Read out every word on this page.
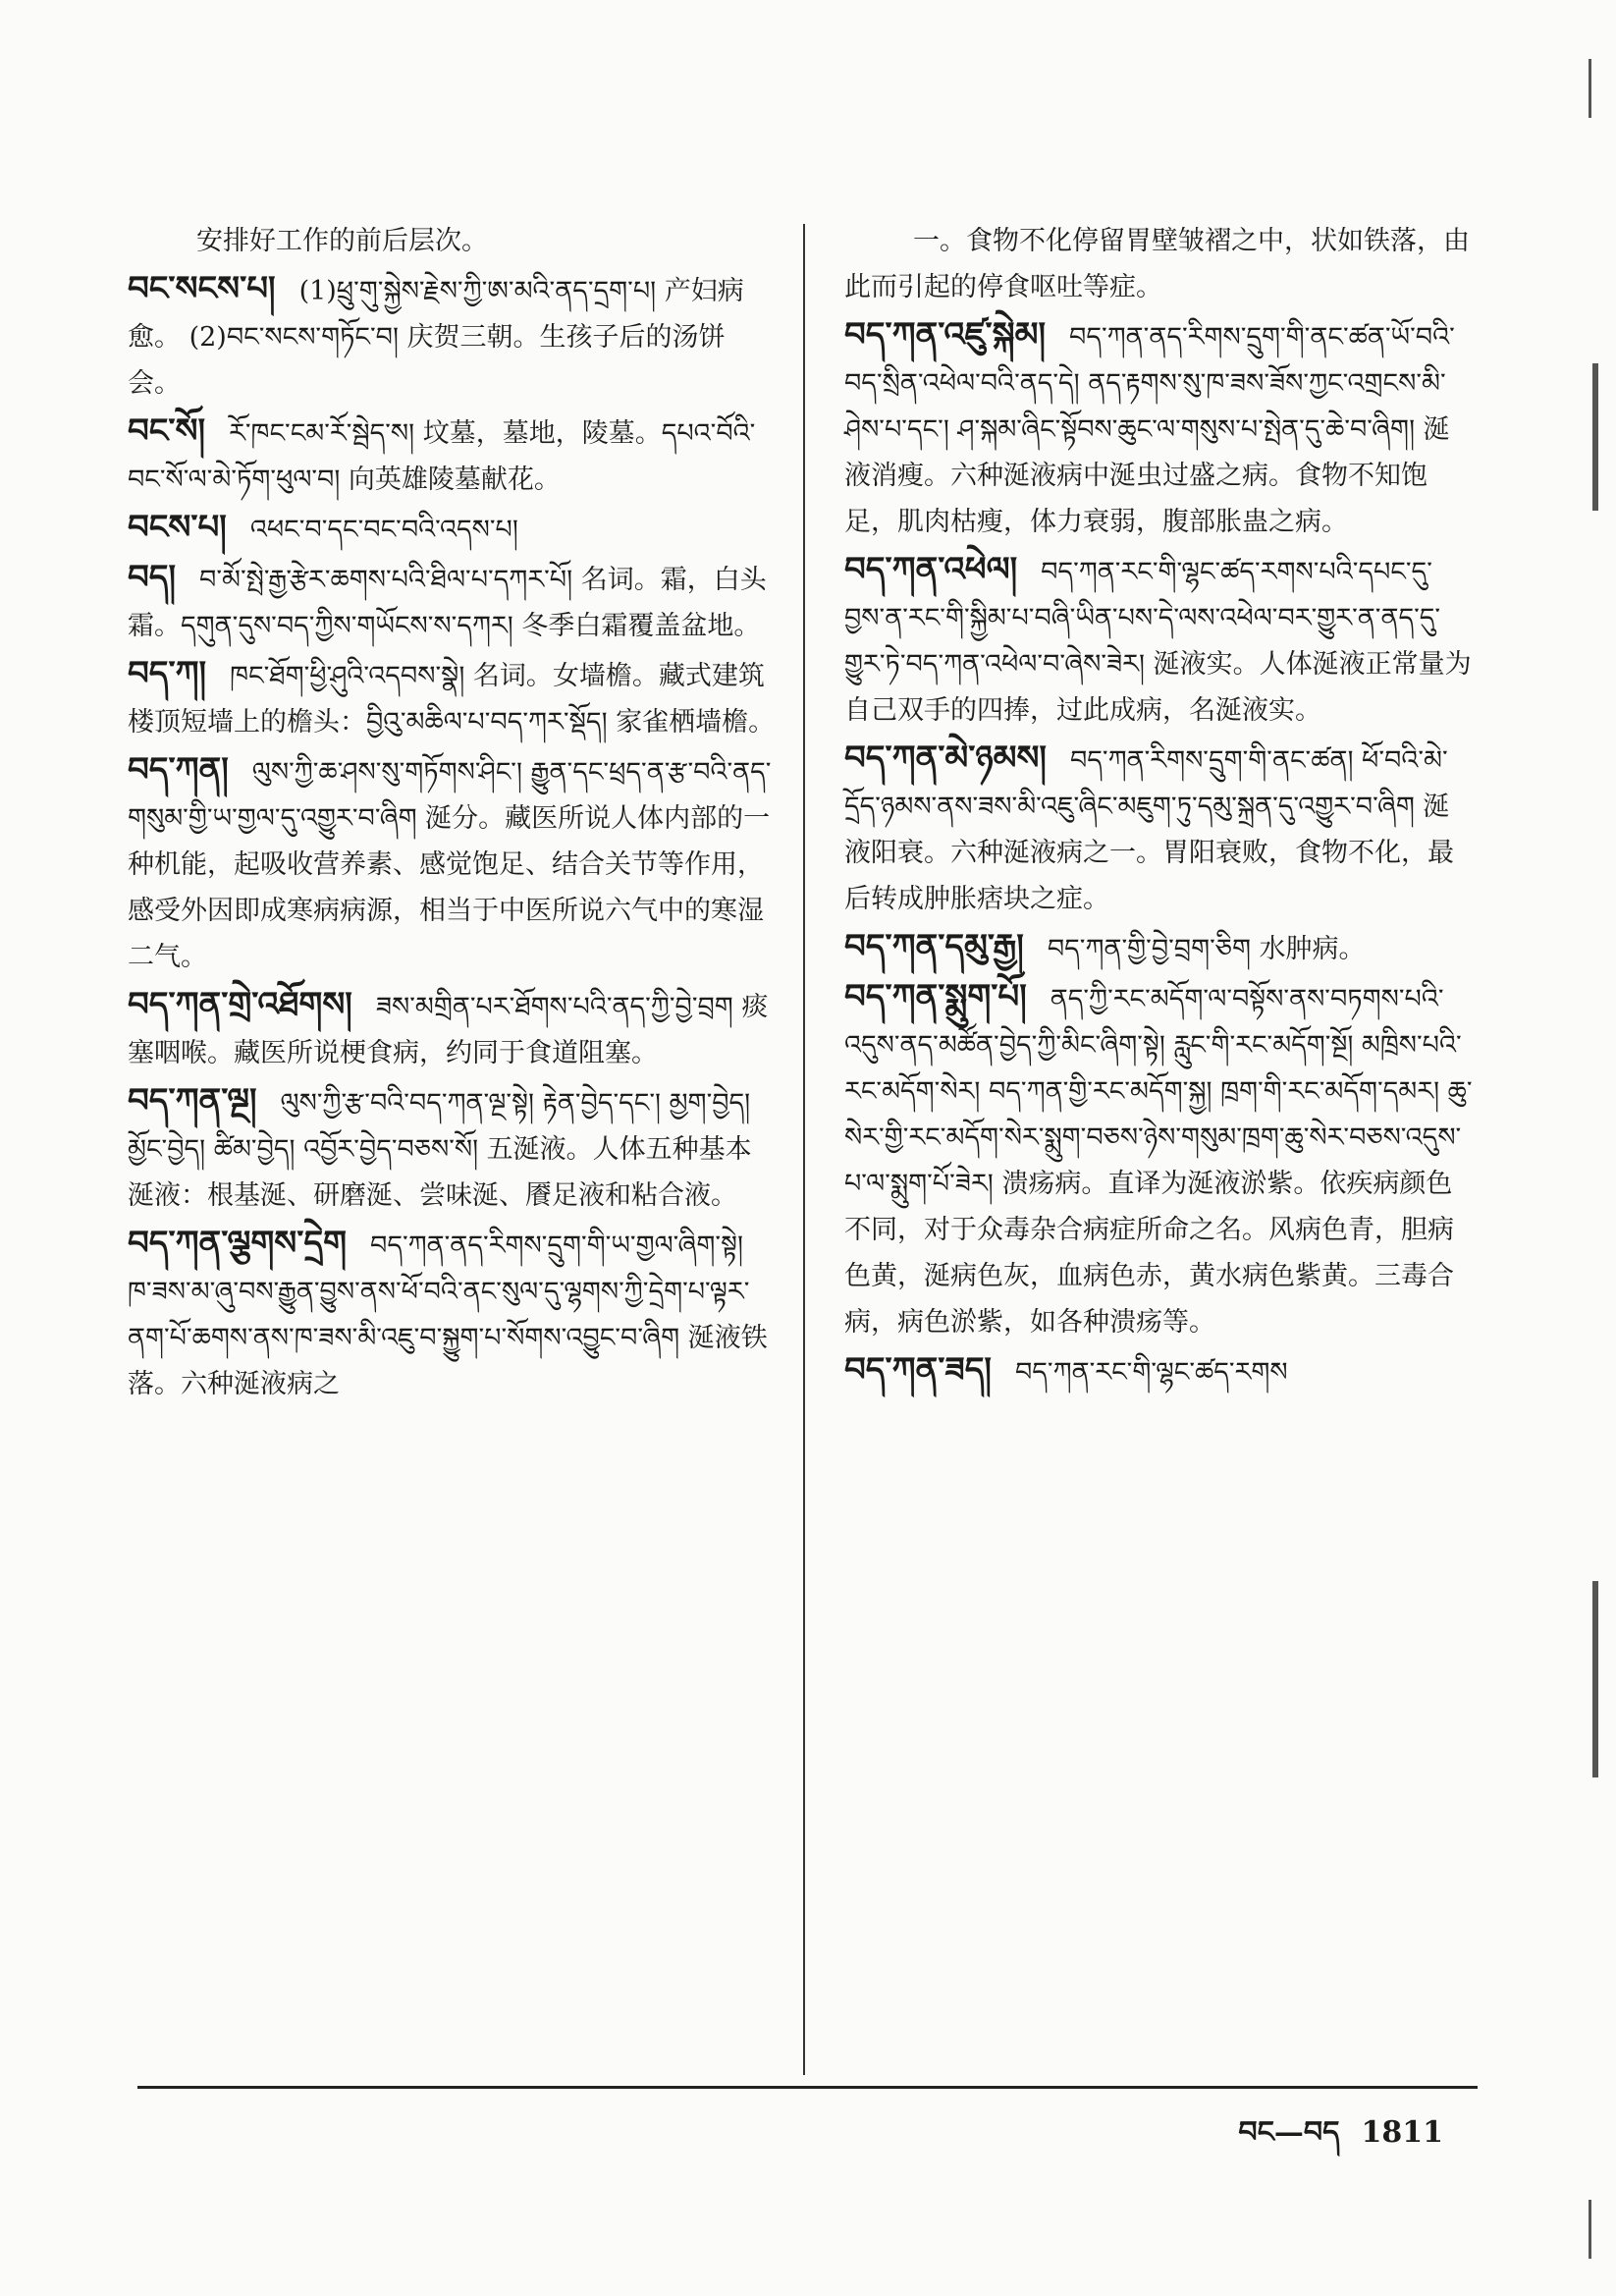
安排好工作的前后层次。

བང་སངས་པ། (1)ཕྲུ་གུ་སྐྱེས་རྗེས་ཀྱི་ཨ་མའི་ནད་དྲག་པ། 产妇病愈。 (2)བང་སངས་གཏོང་བ། 庆贺三朝。生孩子后的汤饼会。

བང་སོ། རོ་ཁང་ངམ་རོ་སྦེད་ས། 坟墓，墓地，陵墓。དཔའ་བོའི་བང་སོ་ལ་མེ་ཏོག་ཕུལ་བ། 向英雄陵墓献花。

བངས་པ། འཕང་བ་དང་བང་བའི་འདས་པ།

བད། བ་མོ་སྤེ་རྒྱ་རྩེར་ཆགས་པའི་ཐིལ་པ་དཀར་པོ། 名词。霜，白头霜。དགུན་དུས་བད་ཀྱིས་གཡོངས་ས་དཀར། 冬季白霜覆盖盆地。

བད་ཀ། ཁང་ཐོག་ཕྱི་ཤུའི་འདབས་སྣེ། 名词。女墙檐。藏式建筑楼顶短墙上的檐头：བྱིའུ་མཆིལ་པ་བད་ཀར་སྡོད། 家雀栖墙檐。

བད་ཀན། ལུས་ཀྱི་ཆ་ཤས་སུ་གཏོགས་ཤིང་། རྒྱུན་དང་ཕྲད་ན་རྩ་བའི་ནད་གསུམ་གྱི་ཡ་གྱལ་དུ་འགྱུར་བ་ཞིག 涎分。藏医所说人体内部的一种机能，起吸收营养素、感觉饱足、结合关节等作用，感受外因即成寒病病源，相当于中医所说六气中的寒湿二气。

བད་ཀན་གྲེ་འཐོགས། ཟས་མགྲིན་པར་ཐོགས་པའི་ནད་ཀྱི་བྱེ་བྲག 痰塞咽喉。藏医所说梗食病，约同于食道阻塞。

བད་ཀན་ལྔ། ལུས་ཀྱི་རྩ་བའི་བད་ཀན་ལྔ་སྟེ། རྟེན་བྱེད་དང་། མྱག་བྱེད། མྱོང་བྱེད། ཚིམ་བྱེད། འབྱོར་བྱེད་བཅས་སོ། 五涎液。人体五种基本涎液：根基涎、研磨涎、尝味涎、餍足液和粘合液。

བད་ཀན་ལྕགས་དྲེག བད་ཀན་ནད་རིགས་དྲུག་གི་ཡ་གྱལ་ཞིག་སྟེ། ཁ་ཟས་མ་ཞུ་བས་རྒྱུན་བྱུས་ནས་ཕོ་བའི་ནང་སུལ་དུ་ལྷགས་ཀྱི་དྲེག་པ་ལྟར་ནག་པོ་ཆགས་ནས་ཁ་ཟས་མི་འཇུ་བ་སྐྱུག་པ་སོགས་འབྱུང་བ་ཞིག 涎液铁落。六种涎液病之

一。食物不化停留胃壁皱褶之中，状如铁落，由此而引起的停食呕吐等症。

བད་ཀན་འཛུ་སྐེམ། བད་ཀན་ནད་རིགས་དྲུག་གི་ནང་ཚན་ཡོ་བའི་བད་སྲིན་འཕེལ་བའི་ནད་དེ། ནད་རྟགས་སུ་ཁ་ཟས་ཟོས་ཀྱང་འགྲངས་མི་ཤེས་པ་དང་། ཤ་སྐམ་ཞིང་སྟོབས་ཆུང་ལ་གསུས་པ་སྤེན་དུ་ཆེ་བ་ཞིག། 涎液消瘦。六种涎液病中涎虫过盛之病。食物不知饱足，肌肉枯瘦，体力衰弱，腹部胀蛊之病。

བད་ཀན་འཕེལ། བད་ཀན་རང་གི་ལྷང་ཚད་རགས་པའི་དཔང་དུ་བྱས་ན་རང་གི་སྐྱིམ་པ་བཞི་ཡིན་པས་དེ་ལས་འཕེལ་བར་གྱུར་ན་ནད་དུ་གྱུར་ཏེ་བད་ཀན་འཕེལ་བ་ཞེས་ཟེར། 涎液实。人体涎液正常量为自己双手的四捧，过此成病，名涎液实。

བད་ཀན་མེ་ཉམས། བད་ཀན་རིགས་དྲུག་གི་ནང་ཚན། ཕོ་བའི་མེ་དྲོད་ཉམས་ནས་ཟས་མི་འཇུ་ཞིང་མཇུག་ཏུ་དམུ་སྐྲན་དུ་འགྱུར་བ་ཞིག 涎液阳衰。六种涎液病之一。胃阳衰败，食物不化，最后转成肿胀痞块之症。

བད་ཀན་དམུ་རྒྱ། བད་ཀན་གྱི་བྱེ་བྲག་ཅིག 水肿病。

བད་ཀན་སྨུག་པོ། ནད་ཀྱི་རང་མདོག་ལ་བསྟོས་ནས་བཏགས་པའི་འདུས་ནད་མཚོན་བྱེད་ཀྱི་མིང་ཞིག་སྟེ། རླུང་གི་རང་མདོག་སྔོ། མཁྲིས་པའི་རང་མདོག་སེར། བད་ཀན་གྱི་རང་མདོག་སྐྱ། ཁྲག་གི་རང་མདོག་དམར། ཆུ་སེར་གྱི་རང་མདོག་སེར་སྨུག་བཅས་ཉེས་གསུམ་ཁྲག་ཆུ་སེར་བཅས་འདུས་པ་ལ་སྨུག་པོ་ཟེར། 溃疡病。直译为涎液淤紫。依疾病颜色不同，对于众毒杂合病症所命之名。风病色青，胆病色黄，涎病色灰，血病色赤，黄水病色紫黄。三毒合病，病色淤紫，如各种溃疡等。

བད་ཀན་ཟད། བད་ཀན་རང་གི་ལྷང་ཚད་རགས

བང—བད 1811
